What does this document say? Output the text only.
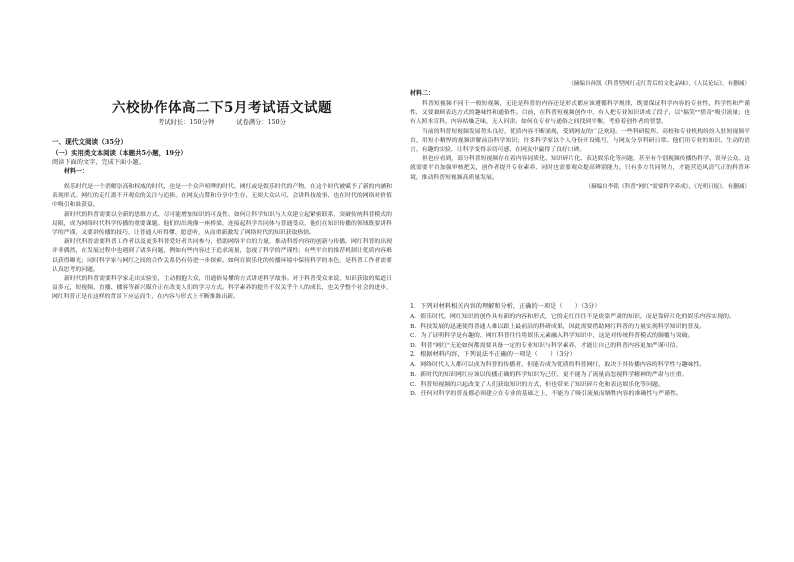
六校协作体高二下5月考试语文试题
考试时长：150分钟	试卷满分：150分
一、现代文阅读（35分）
（一）实用类文本阅读（本题共5小题，19分）

阅读下面的文字，完成下面小题。

材料一：

娱乐时代是一个消解崇高和权威的时代，也是一个众声喧哗的时代。网红或是娱乐时代的产物，在这个时代被赋予了新的内涵和表现形式。网红的走红离不开观众的关注与追捧，在网友点赞和分享中生存、无须大众认可、会讲科技故事、也在时代的网络对价值中吸引和谁获益。

新时代的科普需要以全新的思维方式、尽可能增加知识的可及性、如何让科学知识与大众建立起紧密联系，突破传统科普模式的局限，成为网络时代科学传播的重要课题。他们的出现像一座桥梁，连接起科学共同体与普通受众，他们在知识传播的领域既要讲科学的严谨，又要讲传播的技巧，让普通人听得懂、愿意听，从而重新激发了网络时代的知识获取热情。

新时代科普需要科普工作者以及更多科普爱好者共同参与，借助网络平台的力量，推动科普内容的创新与传播。网红科普的出现并非偶然，在发展过程中也遇到了诸多问题，例如有些内容过于追求流量，忽视了科学的严谨性；有些平台的推荐机制让优质内容难以获得曝光；同时科学家与网红之间的合作关系仍有待进一步探索。如何在娱乐化的传播环境中保持科学的本色，是科普工作者需要认真思考的问题。

新时代的科普需要科学家走出实验室，主动拥抱大众，用通俗易懂的方式讲述科学故事。对于科普受众来说，知识获取的渠道日益多元，短视频、直播、播客等新兴媒介正在改变人们的学习方式。科学素养的提升不仅关乎个人的成长，也关乎整个社会的进步，网红科普正是在这样的背景下应运而生，在内容与形式上不断推陈出新。

（摘编自孙凯《科普型网红走红背后的文化品味》，《人民论坛》，有删减）

材料二：

科普短视频不同于一般短视频，无论是科普的内容还是形式都应该遵循科学规律，既要保证科学内容的专业性、科学性和严谨性，又要兼顾表达方式的趣味性和通俗性。目前，在科普短视频创作中，有人把专业知识讲成了段子，以"搞笑""猎奇"吸引流量；也有人照本宣科，内容枯燥乏味，无人问津。如何在专业与通俗之间找到平衡，考验着创作者的智慧。

当前的科普短视频发展势头良好，优质内容不断涌现，受到网友的广泛欢迎。一些科研院所、高校和专业机构纷纷入驻短视频平台，用短小精悍的视频讲解前沿科学知识；许多科学家以个人身份开设账号，与网友分享科研日常。他们用专业的知识、生动的语言、有趣的实验，让科学变得亲切可感，在网友中赢得了良好口碑。

但也应看到，部分科普短视频存在着内容同质化、知识碎片化、表达娱乐化等问题，甚至有个别视频传播伪科学、误导公众。这就需要平台加强审核把关，创作者提升专业素养，同时也需要观众提高辨别能力。只有多方共同努力，才能营造风清气正的科普环境，推动科普短视频高质量发展。

（摘编自李铭《科普"网红"需要科学养成》，《光明日报》，有删减）

1．下列对材料相关内容的理解和分析，正确的一项是（　　）（3分）

A．娱乐时代，网红知识的创作具有新的内容和形式，它的走红往往不是依靠严肃的知识，而是靠碎片化的娱乐内容实现的。

B．科技发展的迅速使得普通人难以跟上最前沿的科研成果，因此需要借助网红科普的力量实现科学知识的普及。

C．为了证明科学是有趣的，网红科普往往将娱乐元素融入科学知识中，这是对传统科普模式的颠覆与突破。

D．科普"网红"无论如何都需要具备一定的专业知识与科学素养，才能让自己的科普内容更加严谨可信。

2．根据材料内容，下列说法不正确的一项是（　　）（3分）

A．网络时代人人都可以成为科普的传播者，但能否成为优质的科普网红，取决于其传播内容的科学性与趣味性。

B．新时代的知识网红应该以传播正确的科学知识为己任，更不能为了流量而忽视科学精神的严肃与庄重。

C．科普短视频的兴起改变了人们获取知识的方式，但也带来了知识碎片化和表达娱乐化等问题。

D．任何对科学的普及都必须建立在专业的基础之上，不能为了吸引流量而牺牲内容的准确性与严谨性。
